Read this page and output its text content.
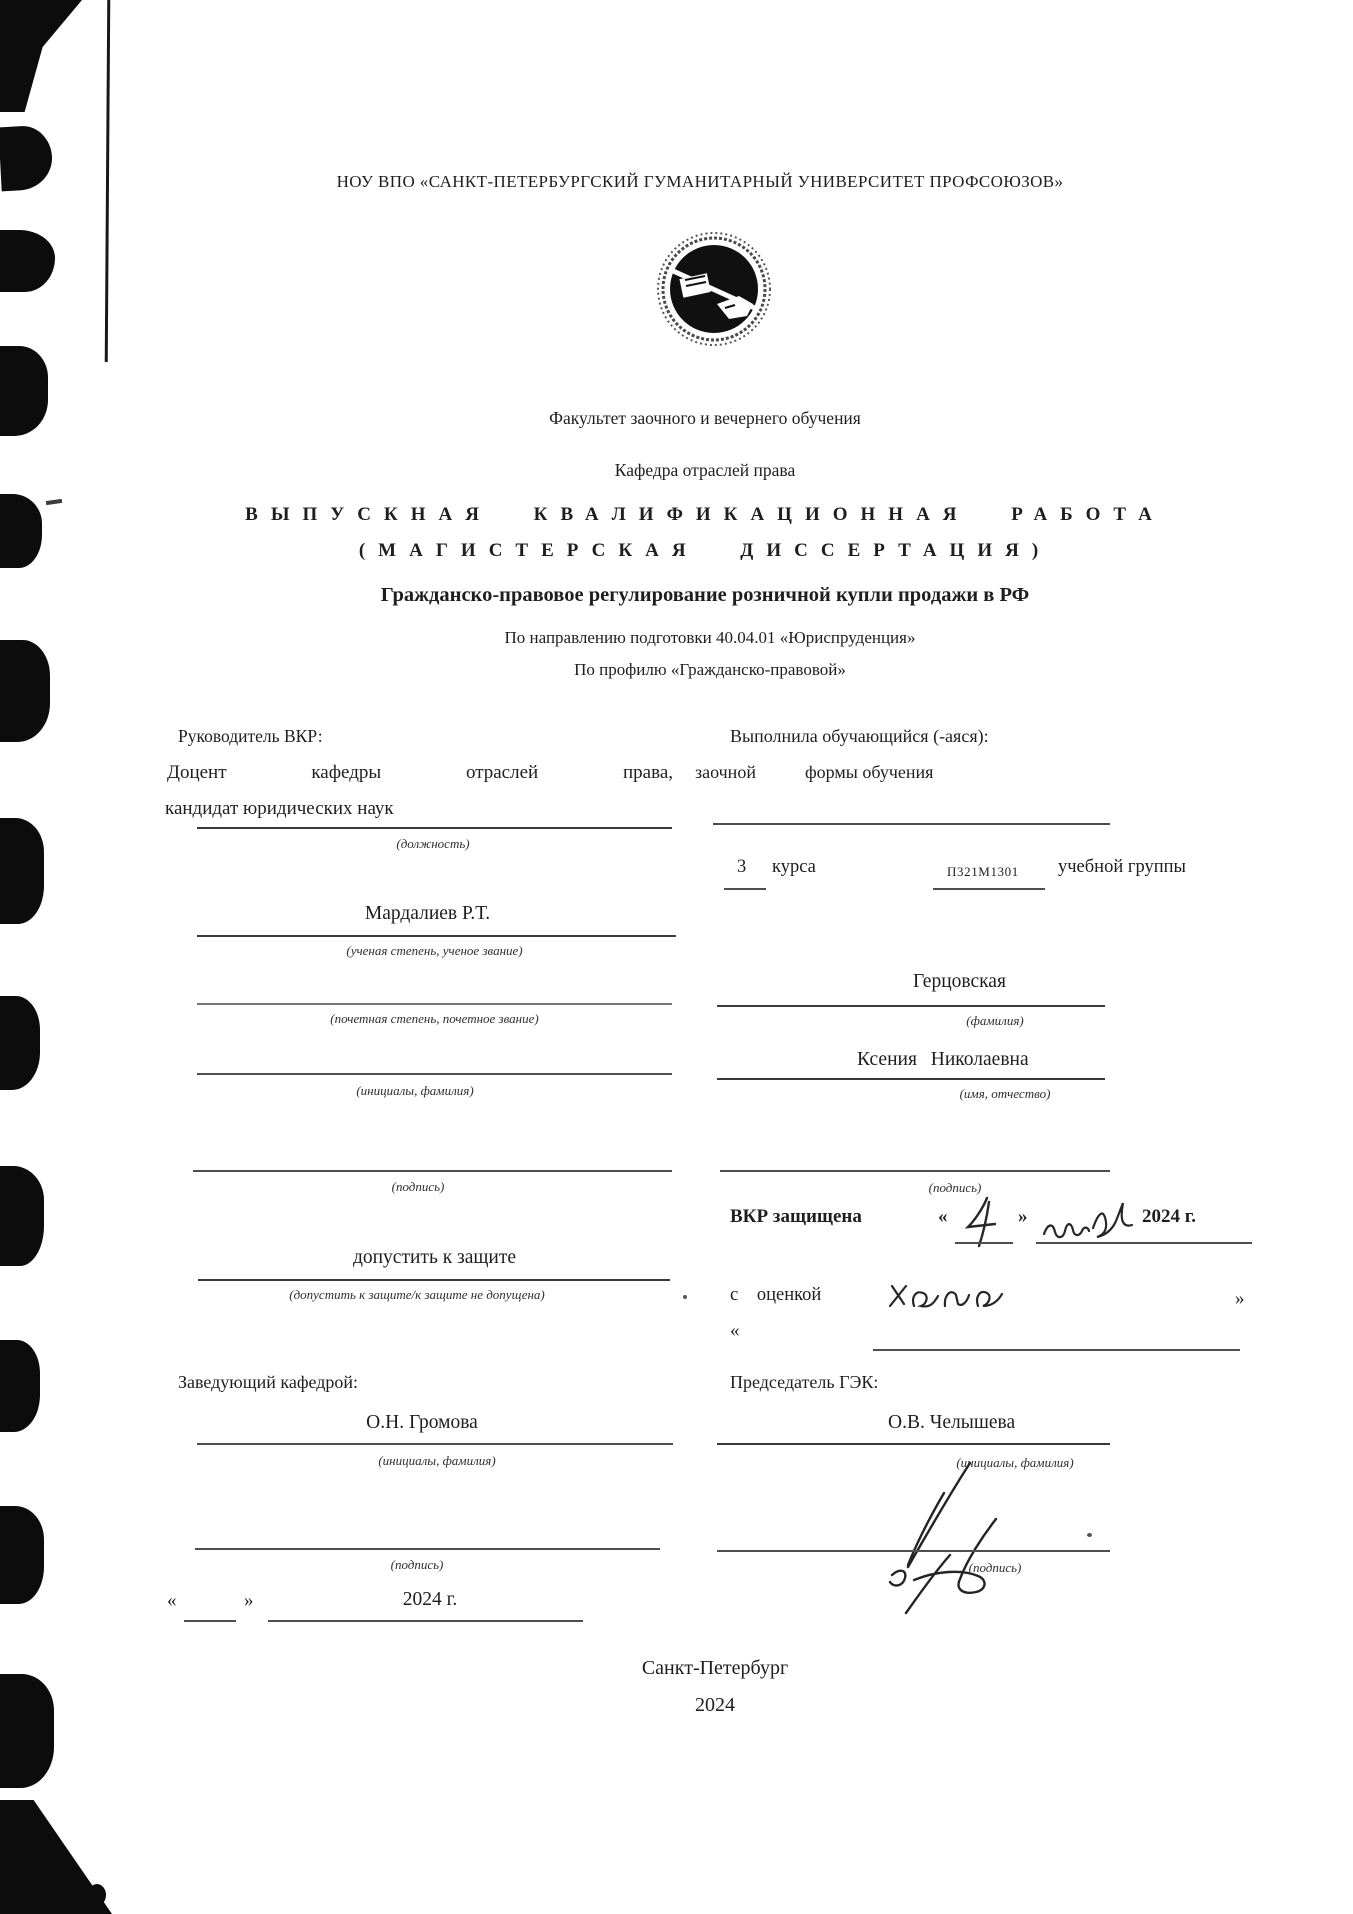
НОУ ВПО «САНКТ-ПЕТЕРБУРГСКИЙ ГУМАНИТАРНЫЙ УНИВЕРСИТЕТ ПРОФСОЮЗОВ»
Факультет заочного и вечернего обучения
Кафедра отраслей права
ВЫПУСКНАЯ КВАЛИФИКАЦИОННАЯ РАБОТА
(МАГИСТЕРСКАЯ ДИССЕРТАЦИЯ)
Гражданско-правовое регулирование розничной купли продажи в РФ
По направлению подготовки 40.04.01 «Юриспруденция»
По профилю «Гражданско-правовой»
Руководитель ВКР:
Доцент кафедры отраслей права,
кандидат юридических наук
(должность)
Мардалиев Р.Т.
(ученая степень, ученое звание)
(почетная степень, почетное звание)
(инициалы, фамилия)
(подпись)
допустить к защите
(допустить к защите/к защите не допущена)
Заведующий кафедрой:
О.Н. Громова
(инициалы, фамилия)
(подпись)
«	»	2024 г.
Выполнила обучающийся (-аяся):
заочной	формы обучения
3 курса	П321М1301 учебной группы
Герцовская
(фамилия)
Ксения Николаевна
(имя, отчество)
(подпись)
ВКР защищена	«	»	2024 г.
с оценкой	»
«
Председатель ГЭК:
О.В. Челышева
(инициалы, фамилия)
(подпись)
Санкт-Петербург
2024
